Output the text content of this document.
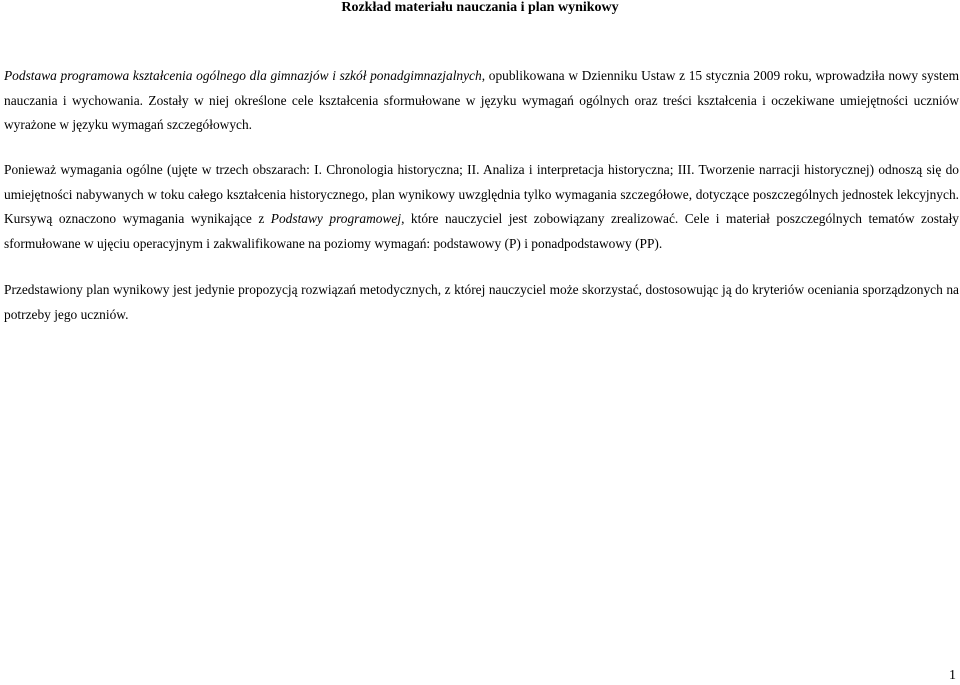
Rozkład materiału nauczania i plan wynikowy

Podstawa programowa kształcenia ogólnego dla gimnazjów i szkół ponadgimnazjalnych, opublikowana w Dzienniku Ustaw z 15 stycznia 2009 roku, wprowadziła nowy system nauczania i wychowania. Zostały w niej określone cele kształcenia sformułowane w języku wymagań ogólnych oraz treści kształcenia i oczekiwane umiejętności uczniów wyrażone w języku wymagań szczegółowych.

Ponieważ wymagania ogólne (ujęte w trzech obszarach: I. Chronologia historyczna; II. Analiza i interpretacja historyczna; III. Tworzenie narracji historycznej) odnoszą się do umiejętności nabywanych w toku całego kształcenia historycznego, plan wynikowy uwzględnia tylko wymagania szczegółowe, dotyczące poszczególnych jednostek lekcyjnych. Kursywą oznaczono wymagania wynikające z Podstawy programowej, które nauczyciel jest zobowiązany zrealizować. Cele i materiał poszczególnych tematów zostały sformułowane w ujęciu operacyjnym i zakwalifikowane na poziomy wymagań: podstawowy (P) i ponadpodstawowy (PP).

Przedstawiony plan wynikowy jest jedynie propozycją rozwiązań metodycznych, z której nauczyciel może skorzystać, dostosowując ją do kryteriów oceniania sporządzonych na potrzeby jego uczniów.

1
